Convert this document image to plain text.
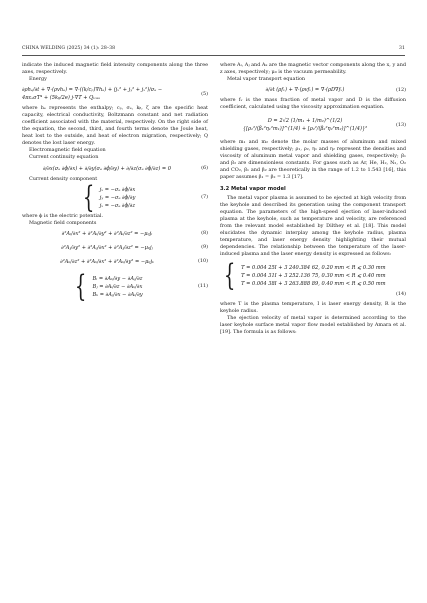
CHINA WELDING (2025) 34 (1): 28–38	31

indicate the induced magnetic field intensity components along the three axes, respectively.

Energy

∂ρhₑ/∂t + ∇·(ρvhₑ) = ∇·((k/cₚ)∇hₑ) + (jₓ² + jᵧ² + jₓ²)/σₑ −
4πεₑσT⁴ + (5kᵦ/2e) j·∇T + Qₗₒₛₛ
(5)

where hₑ represents the enthalpy; cₚ, σₑ, kᵦ, ζ are the specific heat capacity, electrical conductivity, Boltzmann constant and net radiation coefficient associated with the material, respectively. On the right side of the equation, the second, third, and fourth terms denote the Joule heat, heat lost to the outside, and heat of electron migration, respectively; Q denotes the lost laser energy.

Electromagnetic field equation

Current continuity equation

∂/∂x(σₑ ∂ϕ/∂x) + ∂/∂y(σₑ ∂ϕ/∂y) + ∂/∂z(σₑ ∂ϕ/∂z) = 0	(6)

Current density component

{ jₓ = −σₑ ∂ϕ/∂x
jᵧ = −σₑ ∂ϕ/∂y
jₓ = −σₑ ∂ϕ/∂z
(7)

where ϕ is the electric potential.

Magnetic field components

∂²Aᵢ/∂x² + ∂²Aᵢ/∂y² + ∂²Aᵢ/∂z² = −μ₀jᵢ	(8)
∂²Aⱼ/∂y² + ∂²Aⱼ/∂x² + ∂²Aⱼ/∂z² = −μ₀jⱼ	(9)
∂²Aₖ/∂z² + ∂²Aₖ/∂x² + ∂²Aₖ/∂y² = −μ₀jₖ	(10)
{ Bᵢ = ∂Aₖ/∂y − ∂Aⱼ/∂z
Bⱼ = ∂Aᵢ/∂z − ∂Aₖ/∂x
Bₖ = ∂Aⱼ/∂x − ∂Aᵢ/∂y
(11)

where Aᵢ, Aⱼ and Aₖ are the magnetic vector components along the x, y and z axes, respectively; μ₀ is the vacuum permeability.

Metal vapor transport equation

∂/∂t (ρfᵥ) + ∇·(ρvfᵥ) = ∇·(ρD∇fᵥ)	(12)

where fᵥ is the mass fraction of metal vapor and D is the diffusion coefficient, calculated using the viscosity approximation equation.

D = 2√2 (1/m₁ + 1/m₂)^(1/2)
{[ρ₁²/(β₁²η₁²m₁)]^(1/4) + [ρ₂²/(β₂²η₂²m₂)]^(1/4)}²
(13)

where m₁ and m₂ denote the molar masses of aluminum and mixed shielding gases, respectively; ρ₁, ρ₂, η₁ and η₂ represent the densities and viscosity of aluminum metal vapor and shielding gases, respectively; β₁ and β₂ are dimensionless constants. For gases such as Ar, He, H₂, N₂, O₂ and CO₂, β₁ and β₂ are theoretically in the range of 1.2 to 1.543 [16], this paper assumes β₁ = β₂ = 1.3 [17].

3.2 Metal vapor model

The metal vapor plasma is assumed to be ejected at high velocity from the keyhole and described its generation using the component transport equation. The parameters of the high-speed ejection of laser-induced plasma at the keyhole, such as temperature and velocity, are referenced from the relevant model established by Dilthey et al. [18]. This model elucidates the dynamic interplay among the keyhole radius, plasma temperature, and laser energy density highlighting their mutual dependencies. The relationship between the temperature of the laser-induced plasma and the laser energy density is expressed as follows:

{ T = 0.004 25I + 3 240.384 62, 0.20 mm < R ⩽ 0.30 mm
T = 0.004 31I + 3 252.136 75, 0.30 mm < R ⩽ 0.40 mm
T = 0.004 38I + 3 263.888 89, 0.40 mm < R ⩽ 0.50 mm
(14)

where T is the plasma temperature, I is laser energy density, R is the keyhole radius.

The ejection velocity of metal vapor is determined according to the laser keyhole surface metal vapor flow model established by Amara et al. [19]. The formula is as follows:
